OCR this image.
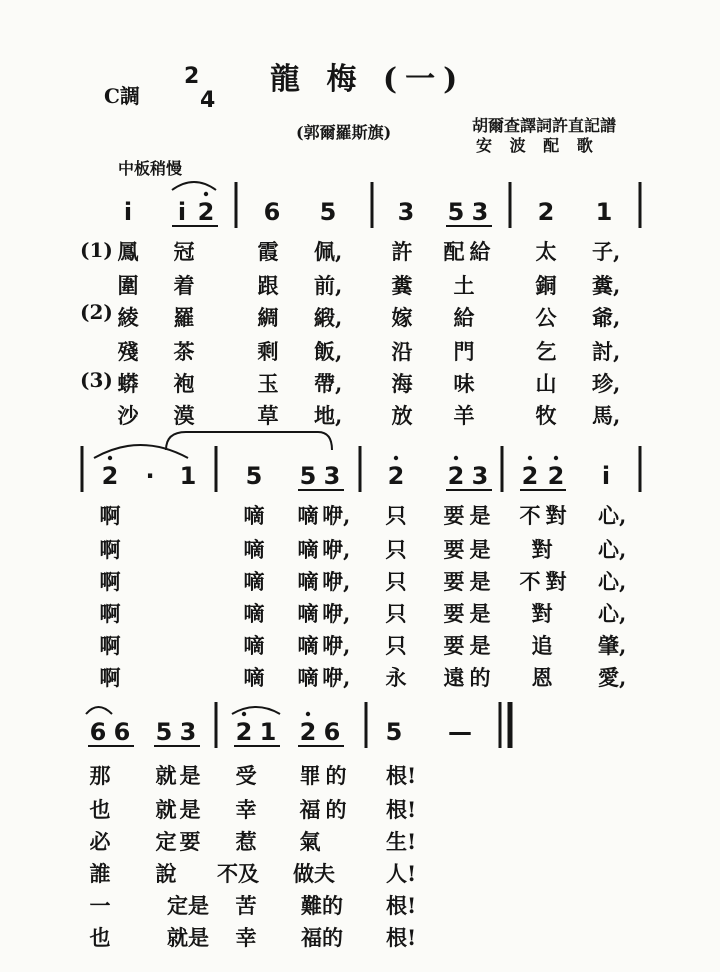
龍 梅 (一)
C調
2
4
(郭爾羅斯旗)	胡爾查譯詞許直記譜
安 波 配 歌
中板稍慢
i i 2 6 5	3 5 3 2 1
(1)
(2)
(3)
鳳 冠	霞 佩, 許 配 給 太 子,
圍 着	跟 前, 糞 土	銅 糞,
綾 羅	綢 緞, 嫁 給	公 爺,
殘 茶	剩 飯, 沿 門	乞 討,
蟒 袍	玉 帶, 海 味	山 珍,
沙 漠	草 地, 放 羊	牧 馬,
2 · 1 5 5 3 2 2 3 2 2 i
啊	嘀 嘀 咿, 只 要 是 不 對 心,
啊	嘀 嘀 咿, 只 要 是 對 心,
啊	嘀 嘀 咿, 只 要 是 不 對 心,
啊	嘀 嘀 咿, 只 要 是 對 心,
啊	嘀 嘀 咿, 只 要 是 追 肇,
啊	嘀 嘀 咿, 永 遠 的 恩 愛,
6 6 5 3 2 1 2 6 5 —
那 就 是 受 罪 的 根!
也 就 是 幸 福 的 根!
必 定 要 惹 氣	生!
誰 說 不及 做夫 人!
一	定是	苦 難的 根!
也	就是	幸 福的 根!
